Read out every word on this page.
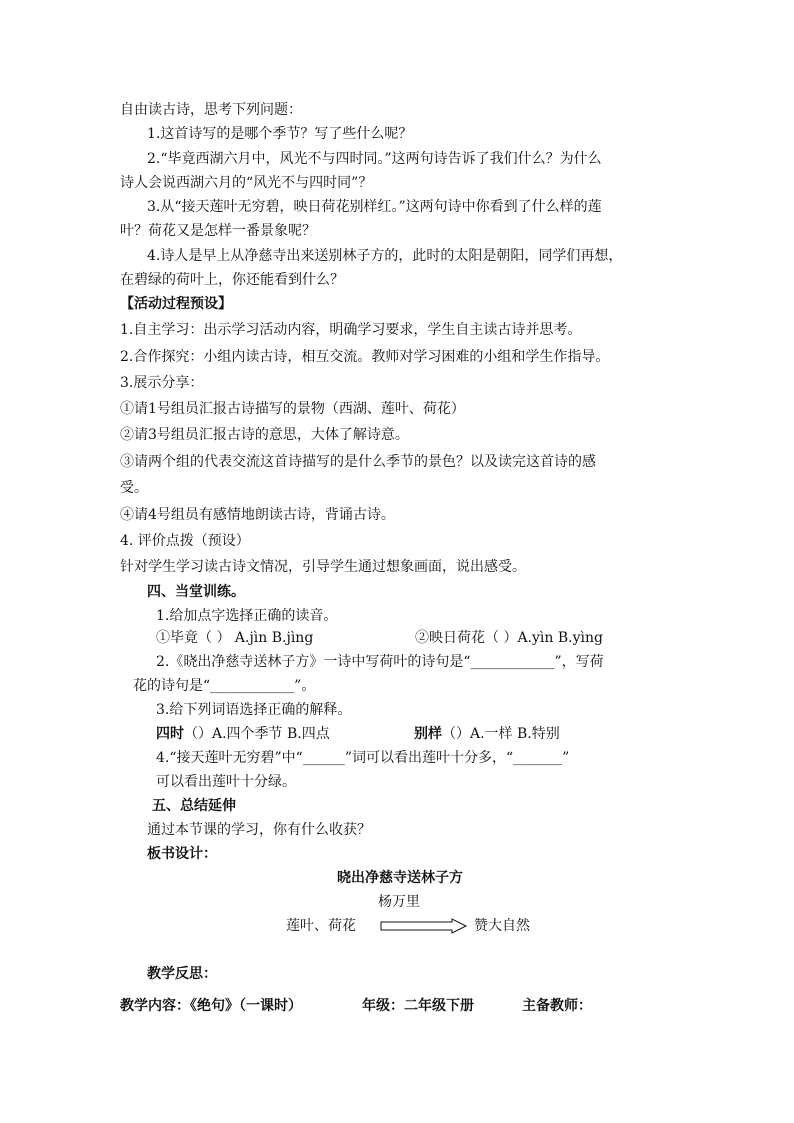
自由读古诗，思考下列问题：
1.这首诗写的是哪个季节？写了些什么呢？
2.“毕竟西湖六月中，风光不与四时同。”这两句诗告诉了我们什么？为什么
诗人会说西湖六月的“风光不与四时同”？
3.从“接天莲叶无穷碧，映日荷花别样红。”这两句诗中你看到了什么样的莲
叶？荷花又是怎样一番景象呢？
4.诗人是早上从净慈寺出来送别林子方的，此时的太阳是朝阳，同学们再想，
在碧绿的荷叶上，你还能看到什么？
【活动过程预设】
1.自主学习：出示学习活动内容，明确学习要求，学生自主读古诗并思考。
2.合作探究：小组内读古诗，相互交流。教师对学习困难的小组和学生作指导。
3.展示分享：
①请1号组员汇报古诗描写的景物（西湖、莲叶、荷花）
②请3号组员汇报古诗的意思，大体了解诗意。
③请两个组的代表交流这首诗描写的是什么季节的景色？以及读完这首诗的感
受。
④请4号组员有感情地朗读古诗，背诵古诗。
4. 评价点拨（预设）
针对学生学习读古诗文情况，引导学生通过想象画面，说出感受。
四、当堂训练。
1.给加点字选择正确的读音。
①毕竟（ ） A.jìn B.jìng	②映日荷花（ ）A.yìn B.yìng
2.《晓出净慈寺送林子方》一诗中写荷叶的诗句是“____________”，写荷
花的诗句是“____________”。
3.给下列词语选择正确的解释。
四时（）A.四个季节 B.四点	别样（）A.一样 B.特别
4.“接天莲叶无穷碧”中“______”词可以看出莲叶十分多，“_______”
可以看出莲叶十分绿。
五、总结延伸
通过本节课的学习，你有什么收获？
板书设计：
晓出净慈寺送林子方
杨万里
莲叶、荷花	赞大自然
教学反思：
教学内容：《绝句》（一课时）	年级：二年级下册	主备教师：
